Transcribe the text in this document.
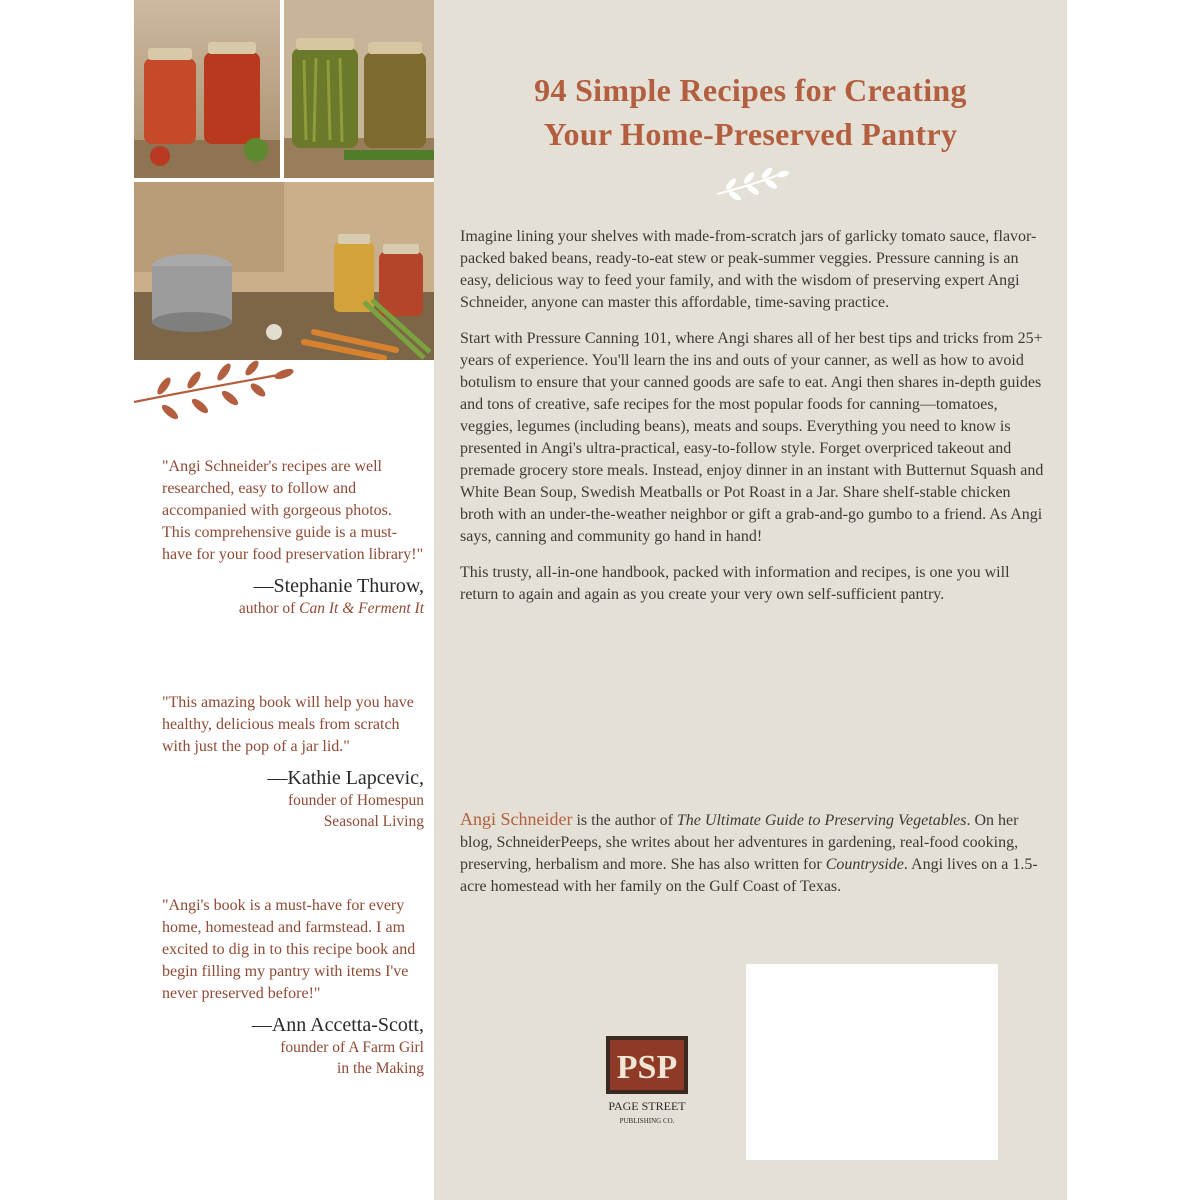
"Angi Schneider's recipes are well researched, easy to follow and accompanied with gorgeous photos. This comprehensive guide is a must-have for your food preservation library!"

—Stephanie Thurow,
author of Can It & Ferment It

"This amazing book will help you have healthy, delicious meals from scratch with just the pop of a jar lid."

—Kathie Lapcevic,
founder of Homespun
Seasonal Living

"Angi's book is a must-have for every home, homestead and farmstead. I am excited to dig in to this recipe book and begin filling my pantry with items I've never preserved before!"

—Ann Accetta-Scott,
founder of A Farm Girl
in the Making
94 Simple Recipes for Creating
Your Home-Preserved Pantry

Imagine lining your shelves with made-from-scratch jars of garlicky tomato sauce, flavor-packed baked beans, ready-to-eat stew or peak-summer veggies. Pressure canning is an easy, delicious way to feed your family, and with the wisdom of preserving expert Angi Schneider, anyone can master this affordable, time-saving practice.

Start with Pressure Canning 101, where Angi shares all of her best tips and tricks from 25+ years of experience. You'll learn the ins and outs of your canner, as well as how to avoid botulism to ensure that your canned goods are safe to eat. Angi then shares in-depth guides and tons of creative, safe recipes for the most popular foods for canning—tomatoes, veggies, legumes (including beans), meats and soups. Everything you need to know is presented in Angi's ultra-practical, easy-to-follow style. Forget overpriced takeout and premade grocery store meals. Instead, enjoy dinner in an instant with Butternut Squash and White Bean Soup, Swedish Meatballs or Pot Roast in a Jar. Share shelf-stable chicken broth with an under-the-weather neighbor or gift a grab-and-go gumbo to a friend. As Angi says, canning and community go hand in hand!

This trusty, all-in-one handbook, packed with information and recipes, is one you will return to again and again as you create your very own self-sufficient pantry.

Angi Schneider is the author of The Ultimate Guide to Preserving Vegetables. On her blog, SchneiderPeeps, she writes about her adventures in gardening, real-food cooking, preserving, herbalism and more. She has also written for Countryside. Angi lives on a 1.5-acre homestead with her family on the Gulf Coast of Texas.

PSP
PAGE STREET
PUBLISHING CO.
